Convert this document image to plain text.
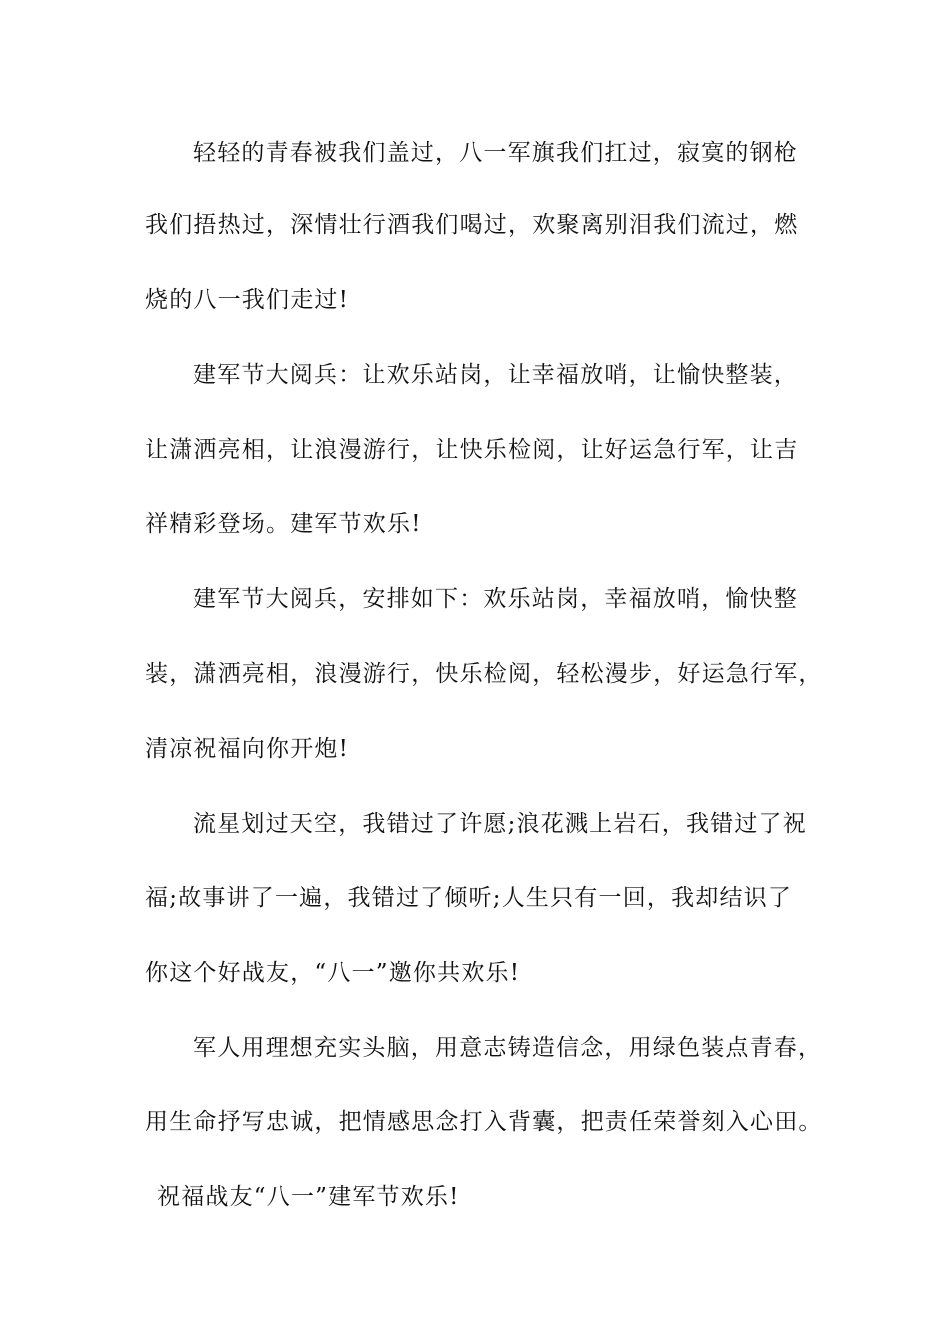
轻轻的青春被我们盖过，八一军旗我们扛过，寂寞的钢枪
我们捂热过，深情壮行酒我们喝过，欢聚离别泪我们流过，燃
烧的八一我们走过!
建军节大阅兵：让欢乐站岗，让幸福放哨，让愉快整装，
让潇洒亮相，让浪漫游行，让快乐检阅，让好运急行军，让吉
祥精彩登场。建军节欢乐!
建军节大阅兵，安排如下：欢乐站岗，幸福放哨，愉快整
装，潇洒亮相，浪漫游行，快乐检阅，轻松漫步，好运急行军，
清凉祝福向你开炮!
流星划过天空，我错过了许愿;浪花溅上岩石，我错过了祝
福;故事讲了一遍，我错过了倾听;人生只有一回，我却结识了
你这个好战友，“八一”邀你共欢乐!
军人用理想充实头脑，用意志铸造信念，用绿色装点青春，
用生命抒写忠诚，把情感思念打入背囊，把责任荣誉刻入心田。
祝福战友“八一”建军节欢乐!
